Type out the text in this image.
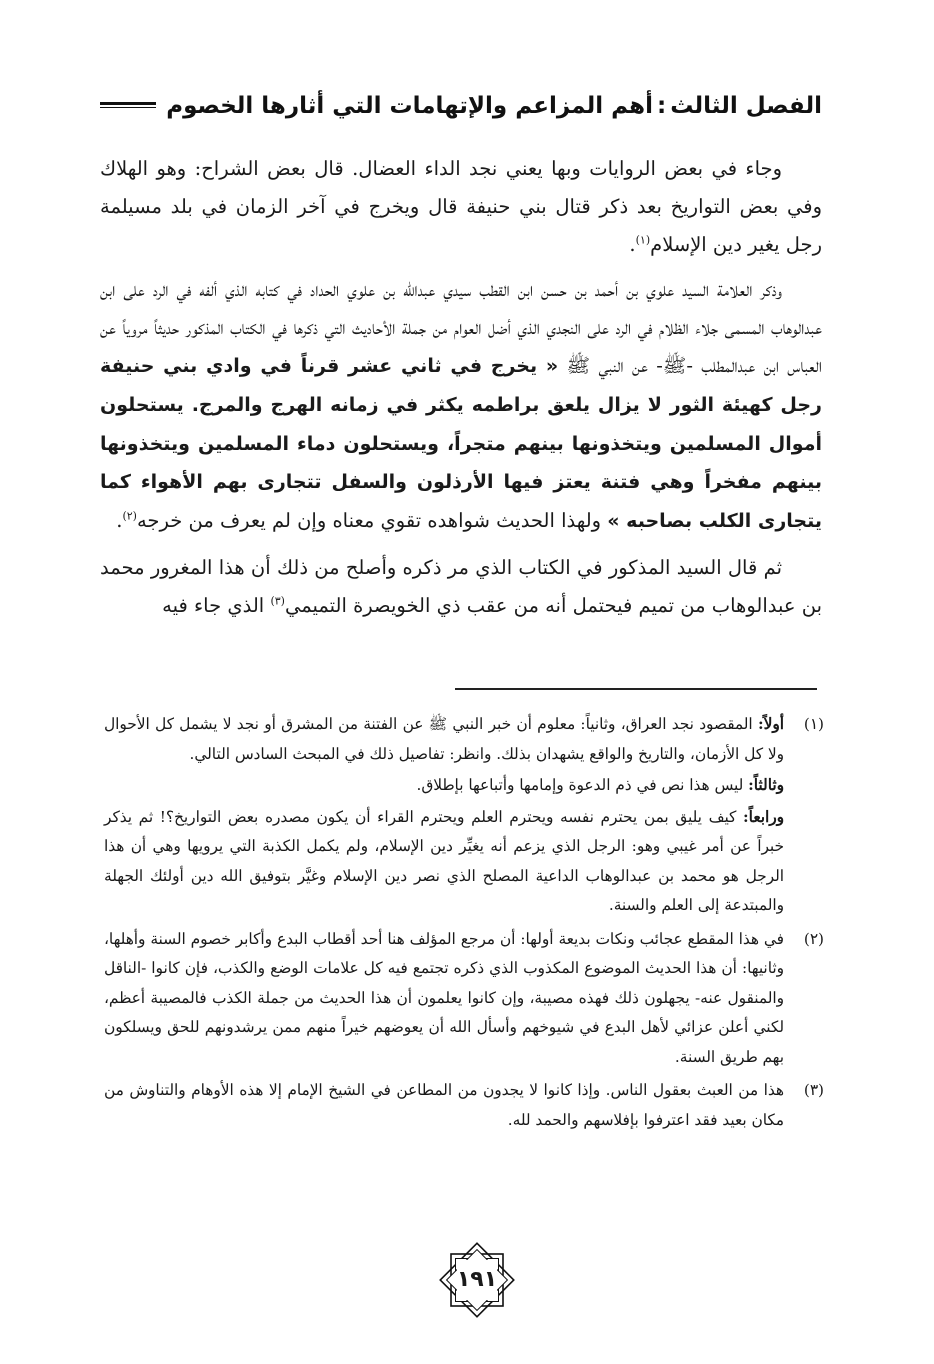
الفصل الثالث:أهم المزاعم والإتهامات التي أثارها الخصوم

وجاء في بعض الروايات وبها يعني نجد الداء العضال. قال بعض الشراح: وهو الهلاك وفي بعض التواريخ بعد ذكر قتال بني حنيفة قال ويخرج في آخر الزمان في بلد مسيلمة رجل يغير دين الإسلام$^{(١)}$.

وذكر العلامة السيد علوي بن أحمد بن حسن ابن القطب سيدي عبدالله بن علوي الحداد في كتابه الذي ألفه في الرد على ابن عبدالوهاب المسمى جلاء الظلام في الرد على النجدي الذي أضل العوام من جملة الأحاديث التي ذكرها في الكتاب المذكور حديثاً مروياً عن العباس ابن عبدالمطلب -ﷺ- عن النبي ﷺ « يخرج في ثاني عشر قرناً في وادي بني حنيفة رجل كهيئة الثور لا يزال يلعق براطمه يكثر في زمانه الهرج والمرج. يستحلون أموال المسلمين ويتخذونها بينهم متجراً، ويستحلون دماء المسلمين ويتخذونها بينهم مفخراً وهي فتنة يعتز فيها الأرذلون والسفل تتجارى بهم الأهواء كما يتجارى الكلب بصاحبه » ولهذا الحديث شواهده تقوي معناه وإن لم يعرف من خرجه$^{(٢)}$.

ثم قال السيد المذكور في الكتاب الذي مر ذكره وأصلح من ذلك أن هذا المغرور محمد بن عبدالوهاب من تميم فيحتمل أنه من عقب ذي الخويصرة التميمي$^{(٣)}$ الذي جاء فيه

(١)

أولاً: المقصود نجد العراق، وثانياً: معلوم أن خبر النبي ﷺ عن الفتنة من المشرق أو نجد لا يشمل كل الأحوال ولا كل الأزمان، والتاريخ والواقع يشهدان بذلك. وانظر: تفاصيل ذلك في المبحث السادس التالي.

وثالثاً: ليس هذا نص في ذم الدعوة وإمامها وأتباعها بإطلاق.

ورابعاً: كيف يليق بمن يحترم نفسه ويحترم العلم ويحترم القراء أن يكون مصدره بعض التواريخ؟! ثم يذكر خبراً عن أمر غيبي وهو: الرجل الذي يزعم أنه يغيِّر دين الإسلام، ولم يكمل الكذبة التي يرويها وهي أن هذا الرجل هو محمد بن عبدالوهاب الداعية المصلح الذي نصر دين الإسلام وغيَّر بتوفيق الله دين أولئك الجهلة والمبتدعة إلى العلم والسنة.

(٢)

في هذا المقطع عجائب ونكات بديعة أولها: أن مرجع المؤلف هنا أحد أقطاب البدع وأكابر خصوم السنة وأهلها، وثانيها: أن هذا الحديث الموضوع المكذوب الذي ذكره تجتمع فيه كل علامات الوضع والكذب، فإن كانوا -الناقل والمنقول عنه- يجهلون ذلك فهذه مصيبة، وإن كانوا يعلمون أن هذا الحديث من جملة الكذب فالمصيبة أعظم، لكني أعلن عزائي لأهل البدع في شيوخهم وأسأل الله أن يعوضهم خيراً منهم ممن يرشدونهم للحق ويسلكون بهم طريق السنة.

(٣)

هذا من العبث بعقول الناس. وإذا كانوا لا يجدون من المطاعن في الشيخ الإمام إلا هذه الأوهام والتناوش من مكان بعيد فقد اعترفوا بإفلاسهم والحمد لله.

١٩١
